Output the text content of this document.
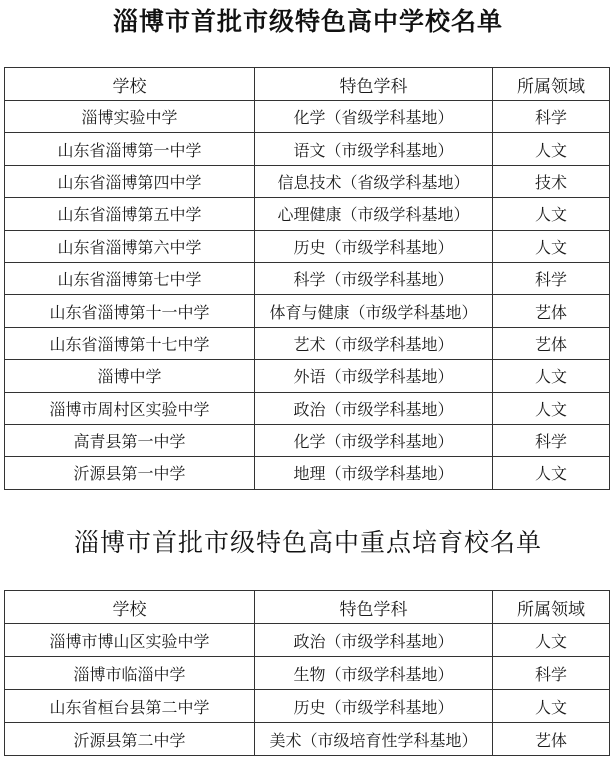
淄博市首批市级特色高中学校名单
学校	特色学科	所属领域
淄博实验中学	化学（省级学科基地）	科学
山东省淄博第一中学	语文（市级学科基地）	人文
山东省淄博第四中学	信息技术（省级学科基地）	技术
山东省淄博第五中学	心理健康（市级学科基地）	人文
山东省淄博第六中学	历史（市级学科基地）	人文
山东省淄博第七中学	科学（市级学科基地）	科学
山东省淄博第十一中学	体育与健康（市级学科基地）	艺体
山东省淄博第十七中学	艺术（市级学科基地）	艺体
淄博中学	外语（市级学科基地）	人文
淄博市周村区实验中学	政治（市级学科基地）	人文
高青县第一中学	化学（市级学科基地）	科学
沂源县第一中学	地理（市级学科基地）	人文
淄博市首批市级特色高中重点培育校名单
学校	特色学科	所属领域
淄博市博山区实验中学	政治（市级学科基地）	人文
淄博市临淄中学	生物（市级学科基地）	科学
山东省桓台县第二中学	历史（市级学科基地）	人文
沂源县第二中学	美术（市级培育性学科基地）	艺体
